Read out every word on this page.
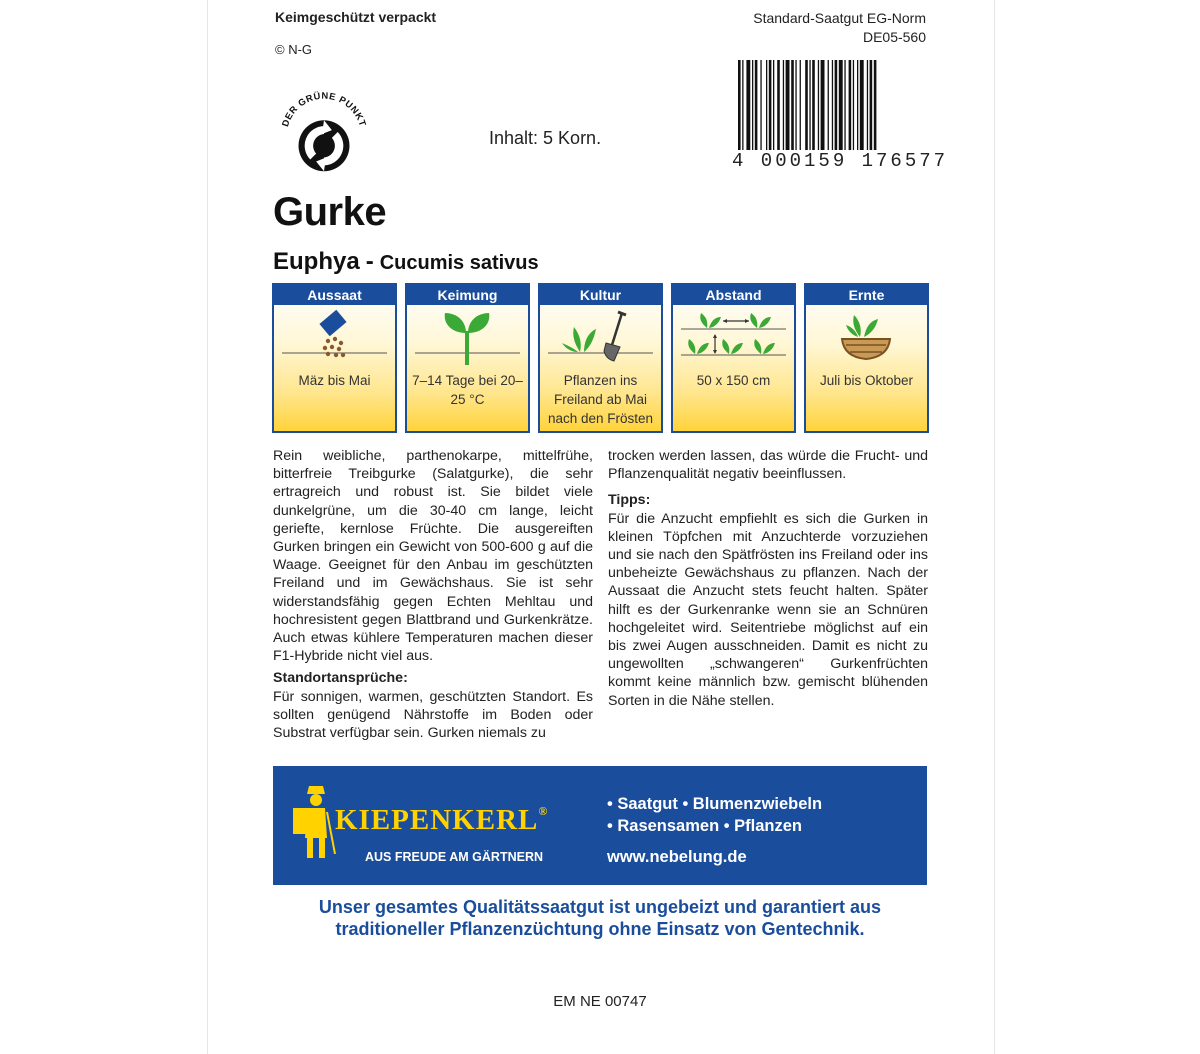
Keimgeschützt verpackt
© N-G
Standard-Saatgut EG-Norm
DE05-560
4 000159 176577
DER GRÜNE PUNKT
Inhalt: 5 Korn.
Gurke
Euphya - Cucumis sativus
Aussaat
Mäz bis Mai
Keimung
7–14 Tage bei 20–25 °C
Kultur
Pflanzen ins Freiland ab Mai nach den Frösten
Abstand
50 x 150 cm
Ernte
Juli bis Oktober

Rein weibliche, parthenokarpe, mittelfrühe, bitterfreie Treibgurke (Salatgurke), die sehr ertragreich und robust ist. Sie bildet viele dunkelgrüne, um die 30-40 cm lange, leicht geriefte, kernlose Früchte. Die ausgereiften Gurken bringen ein Gewicht von 500-600 g auf die Waage. Geeignet für den Anbau im geschützten Freiland und im Gewächshaus. Sie ist sehr widerstandsfähig gegen Echten Mehltau und hochresistent gegen Blattbrand und Gurkenkrätze. Auch etwas kühlere Temperaturen machen dieser F1-Hybride nicht viel aus.

Standortansprüche:

Für sonnigen, warmen, geschützten Standort. Es sollten genügend Nährstoffe im Boden oder Substrat verfügbar sein. Gurken niemals zu

trocken werden lassen, das würde die Frucht- und Pflanzenqualität negativ beeinflussen.

Tipps:

Für die Anzucht empfiehlt es sich die Gurken in kleinen Töpfchen mit Anzuchterde vorzuziehen und sie nach den Spätfrösten ins Freiland oder ins unbeheizte Gewächshaus zu pflanzen. Nach der Aussaat die Anzucht stets feucht halten. Später hilft es der Gurkenranke wenn sie an Schnüren hochgeleitet wird. Seitentriebe möglichst auf ein bis zwei Augen ausschneiden. Damit es nicht zu ungewollten „schwangeren“ Gurkenfrüchten kommt keine männlich bzw. gemischt blühenden Sorten in die Nähe stellen.

KIEPENKERL®
AUS FREUDE AM GÄRTNERN
• Saatgut • Blumenzwiebeln
• Rasensamen • Pflanzen
www.nebelung.de
Unser gesamtes Qualitätssaatgut ist ungebeizt und garantiert aus traditioneller Pflanzenzüchtung ohne Einsatz von Gentechnik.
EM NE 00747
